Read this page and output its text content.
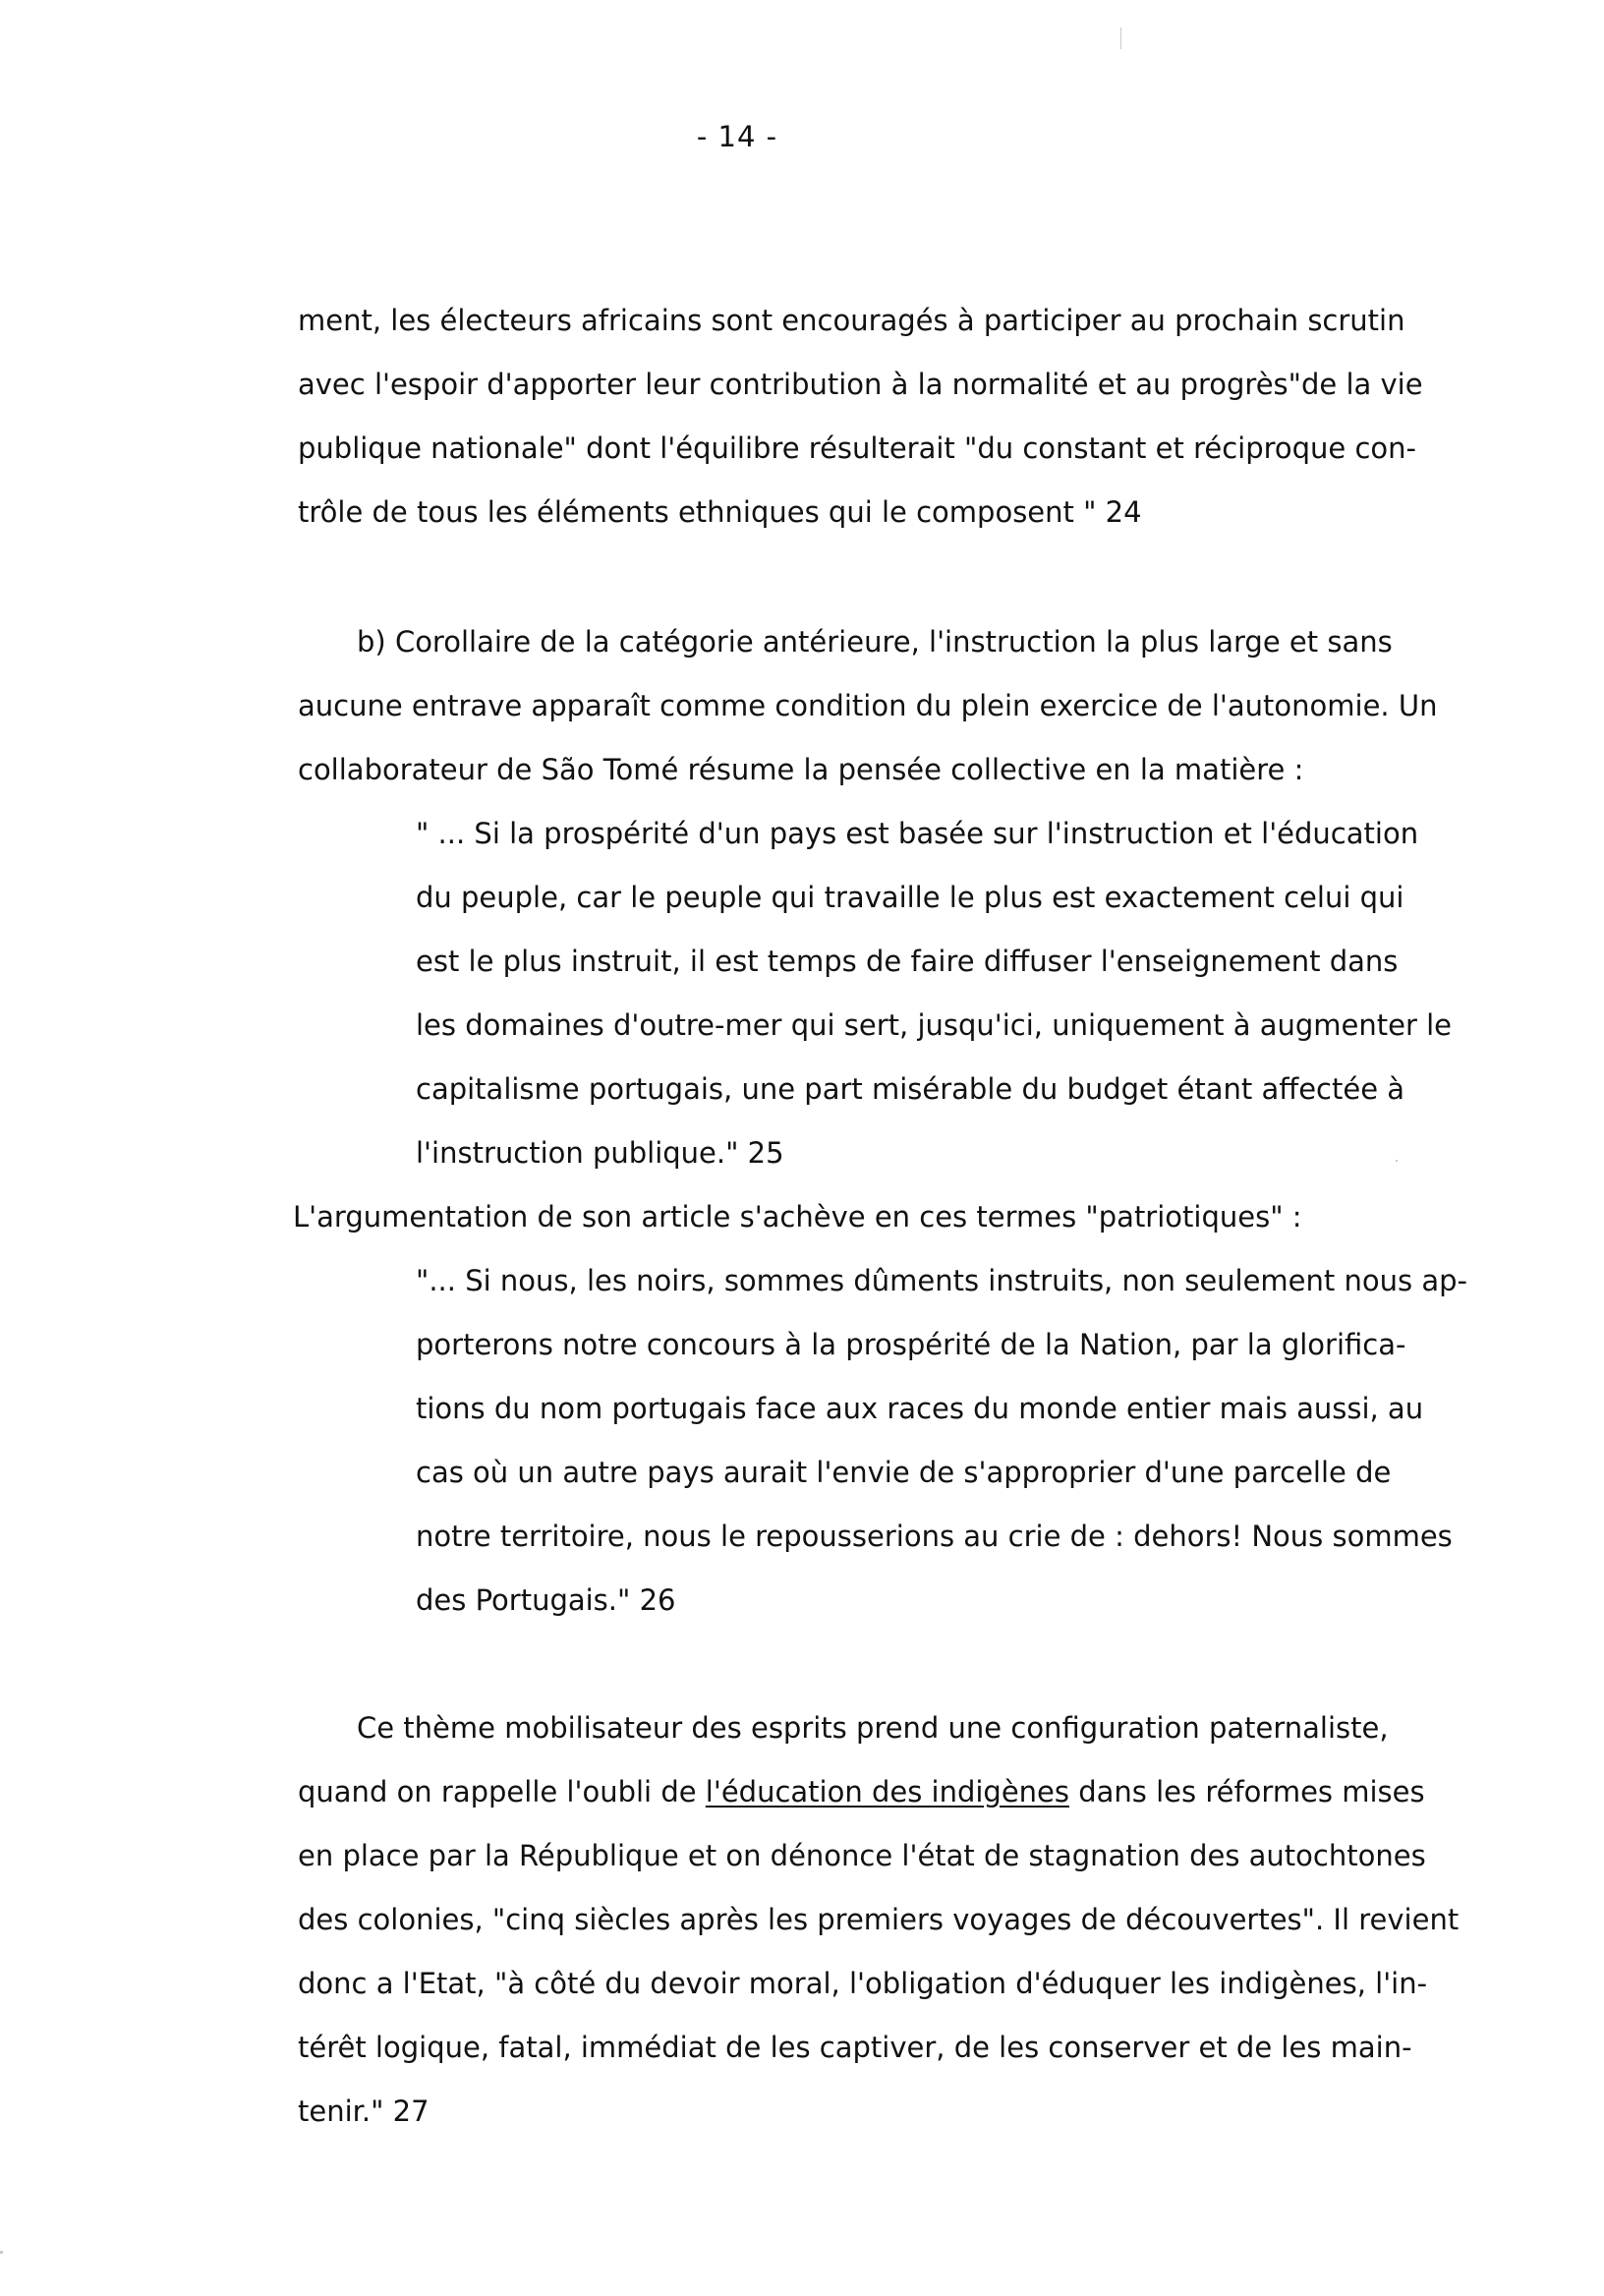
- 14 -
ment, les électeurs africains sont encouragés à participer au prochain scrutin
avec l'espoir d'apporter leur contribution à la normalité et au progrès"de la vie
publique nationale" dont l'équilibre résulterait "du constant et réciproque con-
trôle de tous les éléments ethniques qui le composent " 24
b) Corollaire de la catégorie antérieure, l'instruction la plus large et sans
aucune entrave apparaît comme condition du plein exercice de l'autonomie. Un
collaborateur de São Tomé résume la pensée collective en la matière :
" ... Si la prospérité d'un pays est basée sur l'instruction et l'éducation
du peuple, car le peuple qui travaille le plus est exactement celui qui
est le plus instruit, il est temps de faire diffuser l'enseignement dans
les domaines d'outre-mer qui sert, jusqu'ici, uniquement à augmenter le
capitalisme portugais, une part misérable du budget étant affectée à
l'instruction publique." 25
L'argumentation de son article s'achève en ces termes "patriotiques" :
"... Si nous, les noirs, sommes dûments instruits, non seulement nous ap-
porterons notre concours à la prospérité de la Nation, par la glorifica-
tions du nom portugais face aux races du monde entier mais aussi, au
cas où un autre pays aurait l'envie de s'approprier d'une parcelle de
notre territoire, nous le repousserions au crie de : dehors! Nous sommes
des Portugais." 26
Ce thème mobilisateur des esprits prend une configuration paternaliste,
quand on rappelle l'oubli de l'éducation des indigènes dans les réformes mises
en place par la République et on dénonce l'état de stagnation des autochtones
des colonies, "cinq siècles après les premiers voyages de découvertes". Il revient
donc a l'Etat, "à côté du devoir moral, l'obligation d'éduquer les indigènes, l'in-
térêt logique, fatal, immédiat de les captiver, de les conserver et de les main-
tenir." 27
